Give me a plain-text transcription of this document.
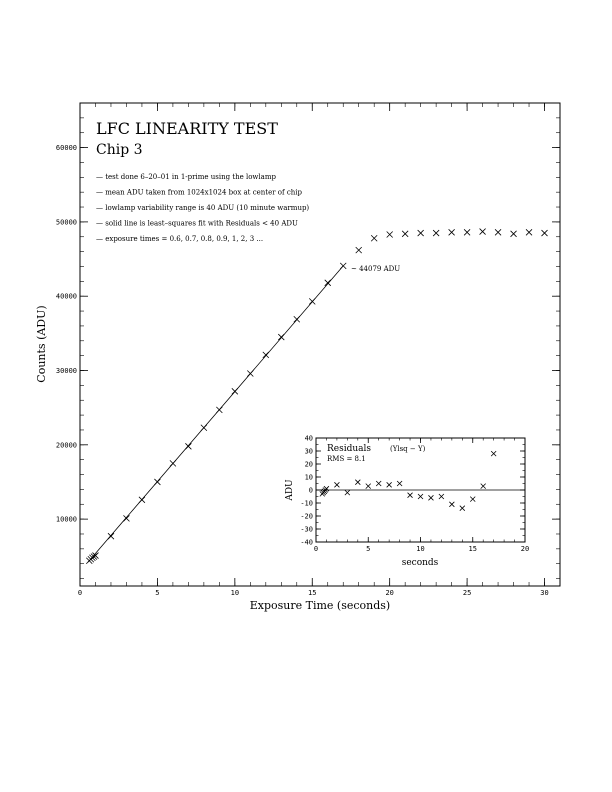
0	5	10	15	20	25	30
10000
20000
30000
40000
50000
60000
LFC LINEARITY TEST
Chip 3
— test done 6–20–01 in 1-prime using the lowlamp
— mean ADU taken from 1024x1024 box at center of chip
— lowlamp variability range is 40 ADU (10 minute warmup)
— solid line is least–squares fit with Residuals < 40 ADU
— exposure times = 0.6, 0.7, 0.8, 0.9, 1, 2, 3 ...
~ 44079 ADU
Exposure Time (seconds)
Counts (ADU)
0	5	10	15	20
-40
-30
-20
-10
0
10
20
30
40
Residuals	(Ylsq − Y)
RMS = 8.1
seconds
ADU
